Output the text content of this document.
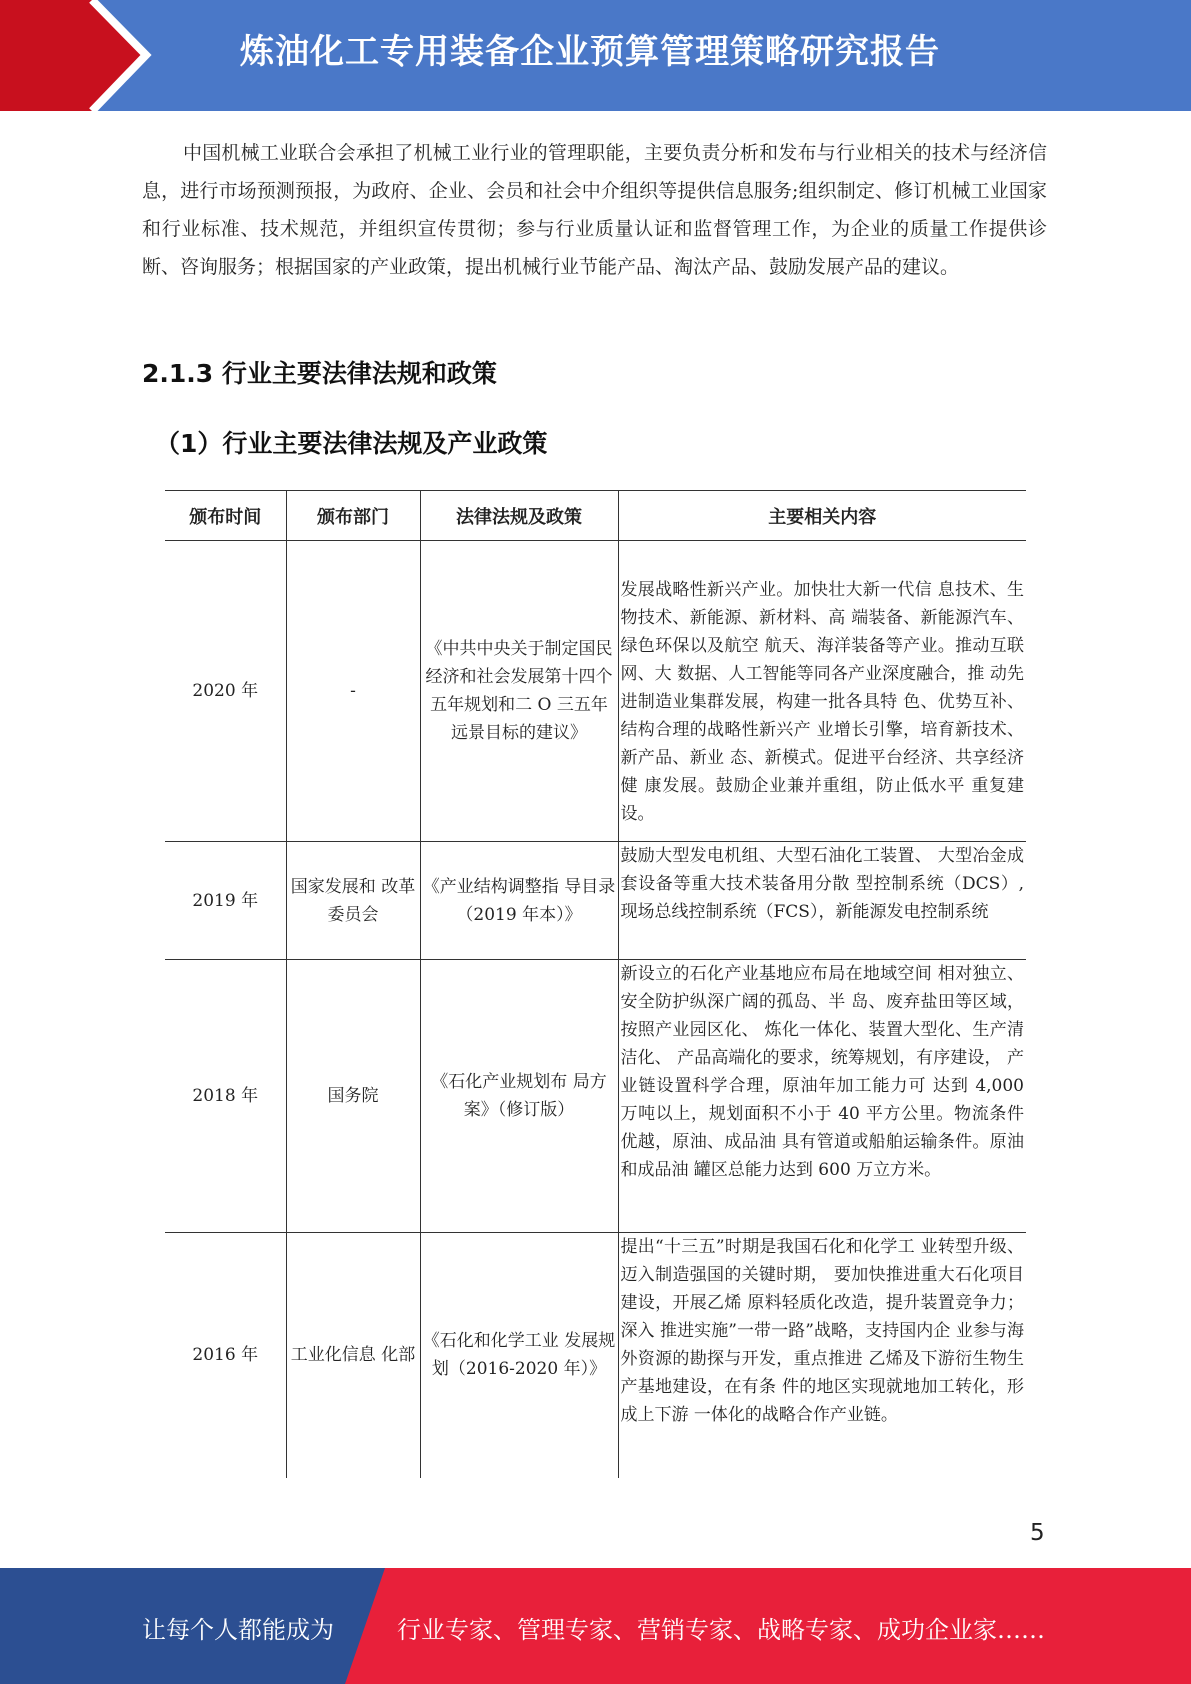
炼油化工专用装备企业预算管理策略研究报告

中国机械工业联合会承担了机械工业行业的管理职能，主要负责分析和发布与行业相关的技术与经济信息，进行市场预测预报，为政府、企业、会员和社会中介组织等提供信息服务;组织制定、修订机械工业国家和行业标准、技术规范，并组织宣传贯彻；参与行业质量认证和监督管理工作，为企业的质量工作提供诊断、咨询服务；根据国家的产业政策，提出机械行业节能产品、淘汰产品、鼓励发展产品的建议。

2.1.3 行业主要法律法规和政策
（1）行业主要法律法规及产业政策
颁布时间	颁布部门	法律法规及政策	主要相关内容
2020 年	-	《中共中央关于制定国民经济和社会发展第十四个五年规划和二 O 三五年远景目标的建议》	发展战略性新兴产业。加快壮大新一代信 息技术、生物技术、新能源、新材料、高 端装备、新能源汽车、绿色环保以及航空 航天、海洋装备等产业。推动互联网、大 数据、人工智能等同各产业深度融合，推 动先进制造业集群发展，构建一批各具特 色、优势互补、结构合理的战略性新兴产 业增长引擎，培育新技术、新产品、新业 态、新模式。促进平台经济、共享经济健 康发展。鼓励企业兼并重组，防止低水平 重复建设。
2019 年	国家发展和 改革委员会	《产业结构调整指 导目录（2019 年本）》	鼓励大型发电机组、大型石油化工装置、 大型冶金成套设备等重大技术装备用分散 型控制系统（DCS）, 现场总线控制系统（FCS），新能源发电控制系统
2018 年	国务院	《石化产业规划布 局方案》（修订版）	新设立的石化产业基地应布局在地域空间 相对独立、安全防护纵深广阔的孤岛、半 岛、废弃盐田等区域，按照产业园区化、 炼化一体化、装置大型化、生产清洁化、 产品高端化的要求，统筹规划，有序建设， 产业链设置科学合理，原油年加工能力可 达到 4,000 万吨以上，规划面积不小于 40 平方公里。物流条件优越，原油、成品油 具有管道或船舶运输条件。原油和成品油 罐区总能力达到 600 万立方米。
2016 年	工业化信息 化部	《石化和化学工业 发展规划（2016-2020 年）》	提出“十三五”时期是我国石化和化学工 业转型升级、迈入制造强国的关键时期， 要加快推进重大石化项目建设，开展乙烯 原料轻质化改造，提升装置竞争力；深入 推进实施”一带一路”战略，支持国内企 业参与海外资源的勘探与开发，重点推进 乙烯及下游衍生物生产基地建设，在有条 件的地区实现就地加工转化，形成上下游 一体化的战略合作产业链。
5
让每个人都能成为	行业专家、管理专家、营销专家、战略专家、成功企业家……
